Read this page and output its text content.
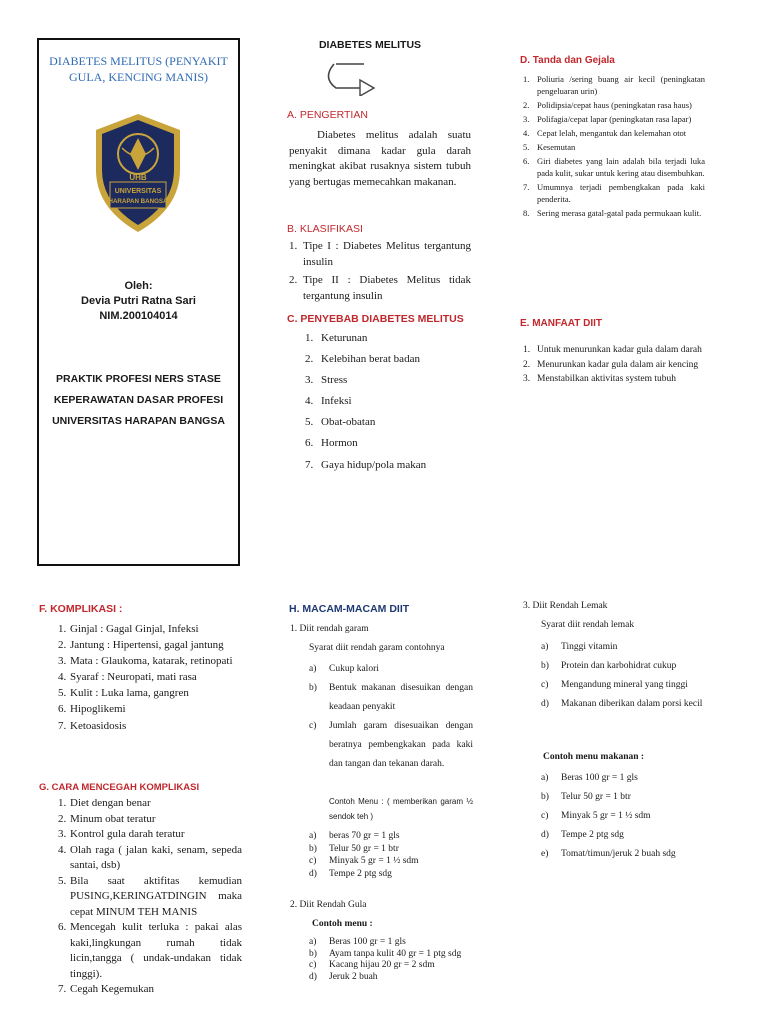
DIABETES MELITUS (PENYAKIT GULA, KENCING MANIS)
UHB
UNIVERSITAS
HARAPAN BANGSA
Oleh:
Devia Putri Ratna Sari
NIM.200104014
PRAKTIK PROFESI NERS STASE KEPERAWATAN DASAR PROFESI UNIVERSITAS HARAPAN BANGSA
DIABETES MELITUS
A. PENGERTIAN
Diabetes melitus adalah suatu penyakit dimana kadar gula darah meningkat akibat rusaknya sistem tubuh yang bertugas memecahkan makanan.
B. KLASIFIKASI
1. Tipe I : Diabetes Melitus tergantung insulin
2. Tipe II : Diabetes Melitus tidak tergantung insulin
C. PENYEBAB DIABETES MELITUS
1. Keturunan
2. Kelebihan berat badan
3. Stress
4. Infeksi
5. Obat-obatan
6. Hormon
7. Gaya hidup/pola makan
D. Tanda dan Gejala
1. Poliuria /sering buang air kecil (peningkatan pengeluaran urin)
2. Polidipsia/cepat haus (peningkatan rasa haus)
3. Polifagia/cepat lapar (peningkatan rasa lapar)
4. Cepat lelah, mengantuk dan kelemahan otot
5. Kesemutan
6. Giri diabetes yang lain adalah bila terjadi luka pada kulit, sukar untuk kering atau disembuhkan.
7. Umumnya terjadi pembengkakan pada kaki penderita.
8. Sering merasa gatal-gatal pada permukaan kulit.
E. MANFAAT DIIT
1. Untuk menurunkan kadar gula dalam darah
2. Menurunkan kadar gula dalam air kencing
3. Menstabilkan aktivitas system tubuh
F. KOMPLIKASI :
1. Ginjal : Gagal Ginjal, Infeksi
2. Jantung : Hipertensi, gagal jantung
3. Mata : Glaukoma, katarak, retinopati
4. Syaraf : Neuropati, mati rasa
5. Kulit : Luka lama, gangren
6. Hipoglikemi
7. Ketoasidosis
G. CARA MENCEGAH KOMPLIKASI
1. Diet dengan benar
2. Minum obat teratur
3. Kontrol gula darah teratur
4. Olah raga ( jalan kaki, senam, sepeda santai, dsb)
5. Bila saat aktifitas kemudian PUSING,KERINGATDINGIN maka cepat MINUM TEH MANIS
6. Mencegah kulit terluka : pakai alas kaki,lingkungan rumah tidak licin,tangga ( undak-undakan tidak tinggi).
7. Cegah Kegemukan
H. MACAM-MACAM DIIT
1. Diit rendah garam
Syarat diit rendah garam contohnya
a) Cukup kalori
b) Bentuk makanan disesuikan dengan keadaan penyakit
c) Jumlah garam disesuaikan dengan beratnya pembengkakan pada kaki dan tangan dan tekanan darah.
Contoh Menu : ( memberikan garam ½ sendok teh )
a) beras 70 gr = 1 gls
b) Telur 50 gr = 1 btr
c) Minyak 5 gr = 1 ½ sdm
d) Tempe 2 ptg sdg
2. Diit Rendah Gula
Contoh menu :
a) Beras 100 gr = 1 gls
b) Ayam tanpa kulit 40 gr = 1 ptg sdg
c) Kacang hijau 20 gr = 2 sdm
d) Jeruk 2 buah
3. Diit Rendah Lemak
Syarat diit rendah lemak
a) Tinggi vitamin
b) Protein dan karbohidrat cukup
c) Mengandung mineral yang tinggi
d) Makanan diberikan dalam porsi kecil
Contoh menu makanan :
a) Beras 100 gr = 1 gls
b) Telur 50 gr = 1 btr
c) Minyak 5 gr = 1 ½ sdm
d) Tempe 2 ptg sdg
e) Tomat/timun/jeruk 2 buah sdg
